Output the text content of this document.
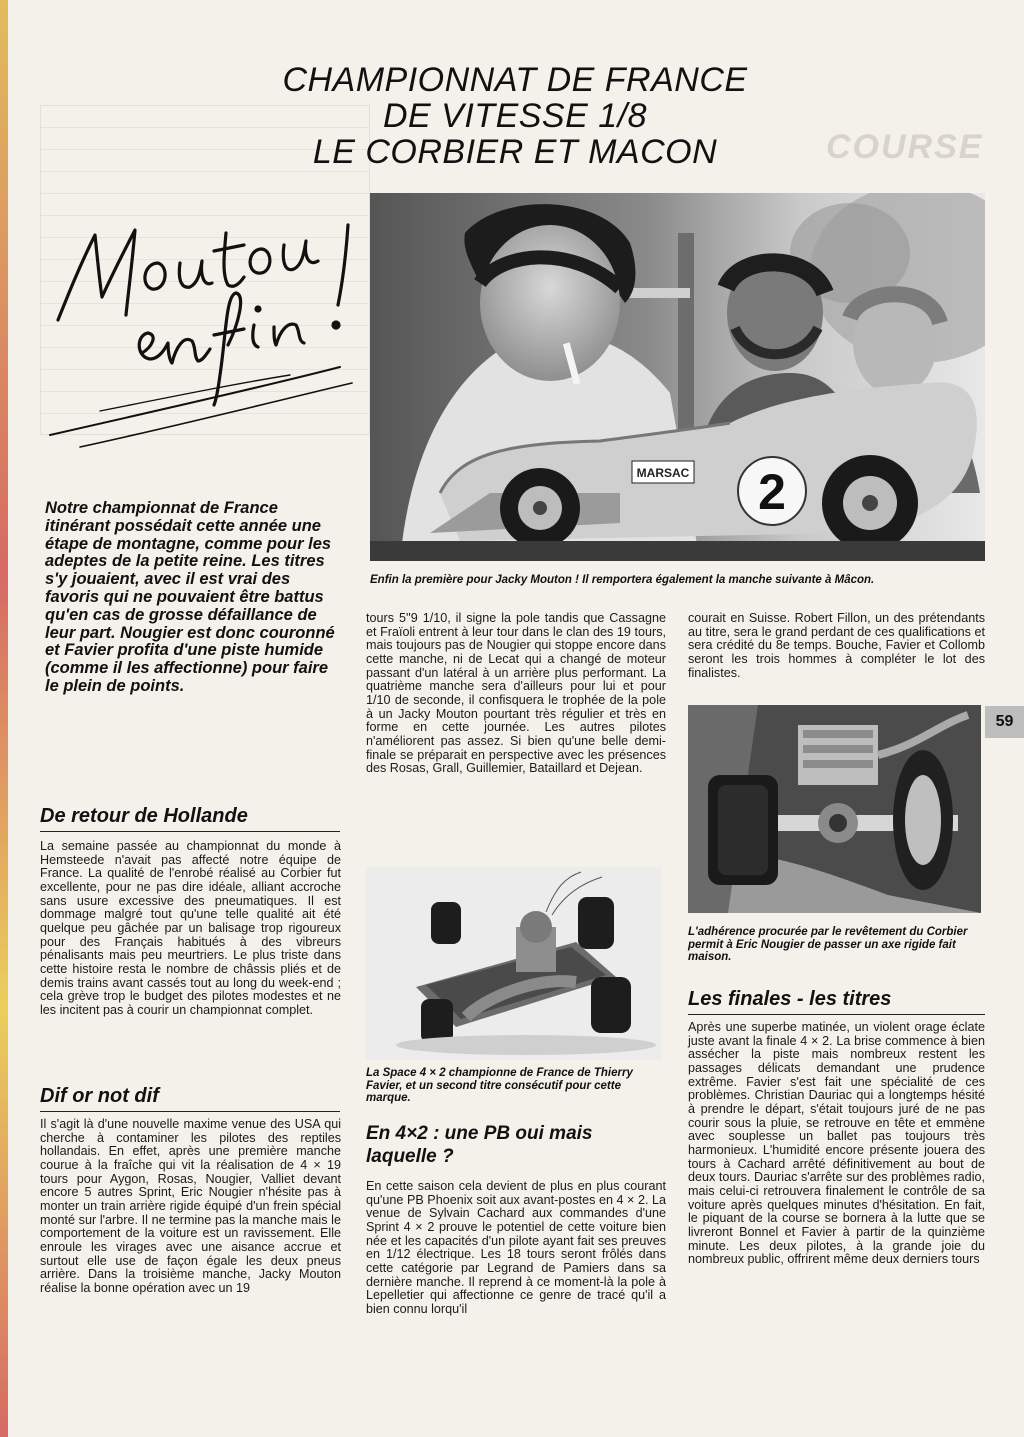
COURSE
CHAMPIONNAT DE FRANCE
DE VITESSE 1/8
LE CORBIER ET MACON
Notre championnat de France itinérant possédait cette année une étape de montagne, comme pour les adeptes de la petite reine. Les titres s'y jouaient, avec il est vrai des favoris qui ne pouvaient être battus qu'en cas de grosse défaillance de leur part. Nougier est donc couronné et Favier profita d'une piste humide (comme il les affectionne) pour faire le plein de points.
De retour de Hollande
La semaine passée au championnat du monde à Hemsteede n'avait pas affecté notre équipe de France. La qualité de l'enrobé réalisé au Corbier fut excellente, pour ne pas dire idéale, alliant accroche sans usure excessive des pneumatiques. Il est dommage malgré tout qu'une telle qualité ait été quelque peu gâchée par un balisage trop rigoureux pour des Français habitués à des vibreurs pénalisants mais peu meurtriers. Le plus triste dans cette histoire resta le nombre de châssis pliés et de demis trains avant cassés tout au long du week-end ; cela grève trop le budget des pilotes modestes et ne les incitent pas à courir un championnat complet.
Dif or not dif
Il s'agit là d'une nouvelle maxime venue des USA qui cherche à contaminer les pilotes des reptiles hollandais. En effet, après une première manche courue à la fraîche qui vit la réalisation de 4 × 19 tours pour Aygon, Rosas, Nougier, Valliet devant encore 5 autres Sprint, Eric Nougier n'hésite pas à monter un train arrière rigide équipé d'un frein spécial monté sur l'arbre. Il ne termine pas la manche mais le comportement de la voiture est un ravissement. Elle enroule les virages avec une aisance accrue et surtout elle use de façon égale les deux pneus arrière. Dans la troisième manche, Jacky Mouton réalise la bonne opération avec un 19
2
MARSAC
Enfin la première pour Jacky Mouton ! Il remportera également la manche suivante à Mâcon.
tours 5''9 1/10, il signe la pole tandis que Cassagne et Fraïoli entrent à leur tour dans le clan des 19 tours, mais toujours pas de Nougier qui stoppe encore dans cette manche, ni de Lecat qui a changé de moteur passant d'un latéral à un arrière plus performant. La quatrième manche sera d'ailleurs pour lui et pour 1/10 de seconde, il confisquera le trophée de la pole à un Jacky Mouton pourtant très régulier et très en forme en cette journée. Les autres pilotes n'améliorent pas assez. Si bien qu'une belle demi-finale se préparait en perspective avec les présences des Rosas, Grall, Guillemier, Bataillard et Dejean.
La Space 4 × 2 championne de France de Thierry Favier, et un second titre consécutif pour cette marque.
En 4×2 : une PB oui mais laquelle ?
En cette saison cela devient de plus en plus courant qu'une PB Phoenix soit aux avant-postes en 4 × 2. La venue de Sylvain Cachard aux commandes d'une Sprint 4 × 2 prouve le potentiel de cette voiture bien née et les capacités d'un pilote ayant fait ses preuves en 1/12 électrique. Les 18 tours seront frôlés dans cette catégorie par Legrand de Pamiers dans sa dernière manche. Il reprend à ce moment-là la pole à Lepelletier qui affectionne ce genre de tracé qu'il a bien connu lorqu'il
courait en Suisse. Robert Fillon, un des prétendants au titre, sera le grand perdant de ces qualifications et sera crédité du 8e temps. Bouche, Favier et Collomb seront les trois hommes à compléter le lot des finalistes.
59
L'adhérence procurée par le revêtement du Corbier permit à Eric Nougier de passer un axe rigide fait maison.
Les finales - les titres
Après une superbe matinée, un violent orage éclate juste avant la finale 4 × 2. La brise commence à bien assécher la piste mais nombreux restent les passages délicats demandant une prudence extrême. Favier s'est fait une spécialité de ces problèmes. Christian Dauriac qui a longtemps hésité à prendre le départ, s'était toujours juré de ne pas courir sous la pluie, se retrouve en tête et emmène avec souplesse un ballet pas toujours très harmonieux. L'humidité encore présente jouera des tours à Cachard arrêté définitivement au bout de deux tours. Dauriac s'arrête sur des problèmes radio, mais celui-ci retrouvera finalement le contrôle de sa voiture après quelques minutes d'hésitation. En fait, le piquant de la course se bornera à la lutte que se livreront Bonnel et Favier à partir de la quinzième minute. Les deux pilotes, à la grande joie du nombreux public, offrirent même deux derniers tours
